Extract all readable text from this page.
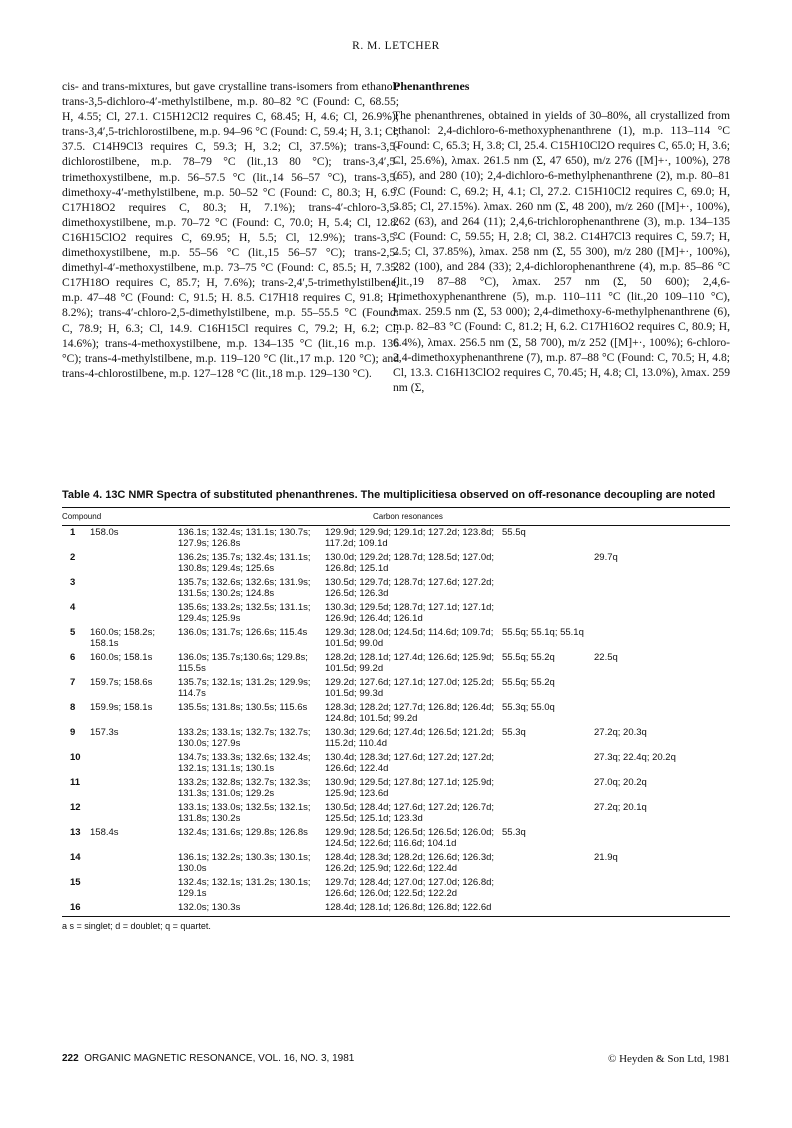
R. M. LETCHER

cis- and trans-mixtures, but gave crystalline trans-isomers from ethanol: trans-3,5-dichloro-4′-methylstilbene, m.p. 80–82 °C (Found: C, 68.55; H, 4.55; Cl, 27.1. C15H12Cl2 requires C, 68.45; H, 4.6; Cl, 26.9%); trans-3,4′,5-trichlorostilbene, m.p. 94–96 °C (Found: C, 59.4; H, 3.1; Cl, 37.5. C14H9Cl3 requires C, 59.3; H, 3.2; Cl, 37.5%); trans-3,5-dichlorostilbene, m.p. 78–79 °C (lit.,13 80 °C); trans-3,4′,5-trimethoxystilbene, m.p. 56–57.5 °C (lit.,14 56–57 °C), trans-3,5-dimethoxy-4′-methylstilbene, m.p. 50–52 °C (Found: C, 80.3; H, 6.9. C17H18O2 requires C, 80.3; H, 7.1%); trans-4′-chloro-3,5-dimethoxystilbene, m.p. 70–72 °C (Found: C, 70.0; H, 5.4; Cl, 12.8. C16H15ClO2 requires C, 69.95; H, 5.5; Cl, 12.9%); trans-3,5-dimethoxystilbene, m.p. 55–56 °C (lit.,15 56–57 °C); trans-2,5-dimethyl-4′-methoxystilbene, m.p. 73–75 °C (Found: C, 85.5; H, 7.35. C17H18O requires C, 85.7; H, 7.6%); trans-2,4′,5-trimethylstilbene, m.p. 47–48 °C (Found: C, 91.5; H. 8.5. C17H18 requires C, 91.8; H, 8.2%); trans-4′-chloro-2,5-dimethylstilbene, m.p. 55–55.5 °C (Found: C, 78.9; H, 6.3; Cl, 14.9. C16H15Cl requires C, 79.2; H, 6.2; Cl, 14.6%); trans-4-methoxystilbene, m.p. 134–135 °C (lit.,16 m.p. 136 °C); trans-4-methylstilbene, m.p. 119–120 °C (lit.,17 m.p. 120 °C); and trans-4-chlorostilbene, m.p. 127–128 °C (lit.,18 m.p. 129–130 °C).

Phenanthrenes

The phenanthrenes, obtained in yields of 30–80%, all crystallized from ethanol: 2,4-dichloro-6-methoxyphenanthrene (1), m.p. 113–114 °C (Found: C, 65.3; H, 3.8; Cl, 25.4. C15H10Cl2O requires C, 65.0; H, 3.6; Cl, 25.6%), λmax. 261.5 nm (Σ, 47 650), m/z 276 ([M]+·, 100%), 278 (65), and 280 (10); 2,4-dichloro-6-methylphenanthrene (2), m.p. 80–81 °C (Found: C, 69.2; H, 4.1; Cl, 27.2. C15H10Cl2 requires C, 69.0; H, 3.85; Cl, 27.15%). λmax. 260 nm (Σ, 48 200), m/z 260 ([M]+·, 100%), 262 (63), and 264 (11); 2,4,6-trichlorophenanthrene (3), m.p. 134–135 °C (Found: C, 59.55; H, 2.8; Cl, 38.2. C14H7Cl3 requires C, 59.7; H, 2.5; Cl, 37.85%), λmax. 258 nm (Σ, 55 300), m/z 280 ([M]+·, 100%), 282 (100), and 284 (33); 2,4-dichlorophenanthrene (4), m.p. 85–86 °C (lit.,19 87–88 °C), λmax. 257 nm (Σ, 50 600); 2,4,6-trimethoxyphenanthrene (5), m.p. 110–111 °C (lit.,20 109–110 °C), λmax. 259.5 nm (Σ, 53 000); 2,4-dimethoxy-6-methylphenanthrene (6), m.p. 82–83 °C (Found: C, 81.2; H, 6.2. C17H16O2 requires C, 80.9; H, 6.4%), λmax. 256.5 nm (Σ, 58 700), m/z 252 ([M]+·, 100%); 6-chloro-2,4-dimethoxyphenanthrene (7), m.p. 87–88 °C (Found: C, 70.5; H, 4.8; Cl, 13.3. C16H13ClO2 requires C, 70.45; H, 4.8; Cl, 13.0%), λmax. 259 nm (Σ,

Table 4. 13C NMR Spectra of substituted phenanthrenes. The multiplicitiesa observed on off-resonance decoupling are noted
Compound		Carbon resonances			
1	158.0s	136.1s; 132.4s; 131.1s; 130.7s; 127.9s; 126.8s	129.9d; 129.9d; 129.1d; 127.2d; 123.8d; 117.2d; 109.1d	55.5q	
2		136.2s; 135.7s; 132.4s; 131.1s; 130.8s; 129.4s; 125.6s	130.0d; 129.2d; 128.7d; 128.5d; 127.0d; 126.8d; 125.1d		29.7q
3		135.7s; 132.6s; 132.6s; 131.9s; 131.5s; 130.2s; 124.8s	130.5d; 129.7d; 128.7d; 127.6d; 127.2d; 126.5d; 126.3d		
4		135.6s; 133.2s; 132.5s; 131.1s; 129.4s; 125.9s	130.3d; 129.5d; 128.7d; 127.1d; 127.1d; 126.9d; 126.4d; 126.1d		
5	160.0s; 158.2s; 158.1s	136.0s; 131.7s; 126.6s; 115.4s	129.3d; 128.0d; 124.5d; 114.6d; 109.7d; 101.5d; 99.0d	55.5q; 55.1q; 55.1q	
6	160.0s; 158.1s	136.0s; 135.7s;130.6s; 129.8s; 115.5s	128.2d; 128.1d; 127.4d; 126.6d; 125.9d; 101.5d; 99.2d	55.5q; 55.2q	22.5q
7	159.7s; 158.6s	135.7s; 132.1s; 131.2s; 129.9s; 114.7s	129.2d; 127.6d; 127.1d; 127.0d; 125.2d; 101.5d; 99.3d	55.5q; 55.2q	
8	159.9s; 158.1s	135.5s; 131.8s; 130.5s; 115.6s	128.3d; 128.2d; 127.7d; 126.8d; 126.4d; 124.8d; 101.5d; 99.2d	55.3q; 55.0q	
9	157.3s	133.2s; 133.1s; 132.7s; 132.7s; 130.0s; 127.9s	130.3d; 129.6d; 127.4d; 126.5d; 121.2d; 115.2d; 110.4d	55.3q	27.2q; 20.3q
10		134.7s; 133.3s; 132.6s; 132.4s; 132.1s; 131.1s; 130.1s	130.4d; 128.3d; 127.6d; 127.2d; 127.2d; 126.6d; 122.4d		27.3q; 22.4q; 20.2q
11		133.2s; 132.8s; 132.7s; 132.3s; 131.3s; 131.0s; 129.2s	130.9d; 129.5d; 127.8d; 127.1d; 125.9d; 125.9d; 123.6d		27.0q; 20.2q
12		133.1s; 133.0s; 132.5s; 132.1s; 131.8s; 130.2s	130.5d; 128.4d; 127.6d; 127.2d; 126.7d; 125.5d; 125.1d; 123.3d		27.2q; 20.1q
13	158.4s	132.4s; 131.6s; 129.8s; 126.8s	129.9d; 128.5d; 126.5d; 126.5d; 126.0d; 124.5d; 122.6d; 116.6d; 104.1d	55.3q	
14		136.1s; 132.2s; 130.3s; 130.1s; 130.0s	128.4d; 128.3d; 128.2d; 126.6d; 126.3d; 126.2d; 125.9d; 122.6d; 122.4d		21.9q
15		132.4s; 132.1s; 131.2s; 130.1s; 129.1s	129.7d; 128.4d; 127.0d; 127.0d; 126.8d; 126.6d; 126.0d; 122.5d; 122.2d		
16		132.0s; 130.3s	128.4d; 128.1d; 126.8d; 126.8d; 122.6d		
a s = singlet; d = doublet; q = quartet.
222 ORGANIC MAGNETIC RESONANCE, VOL. 16, NO. 3, 1981	© Heyden & Son Ltd, 1981
